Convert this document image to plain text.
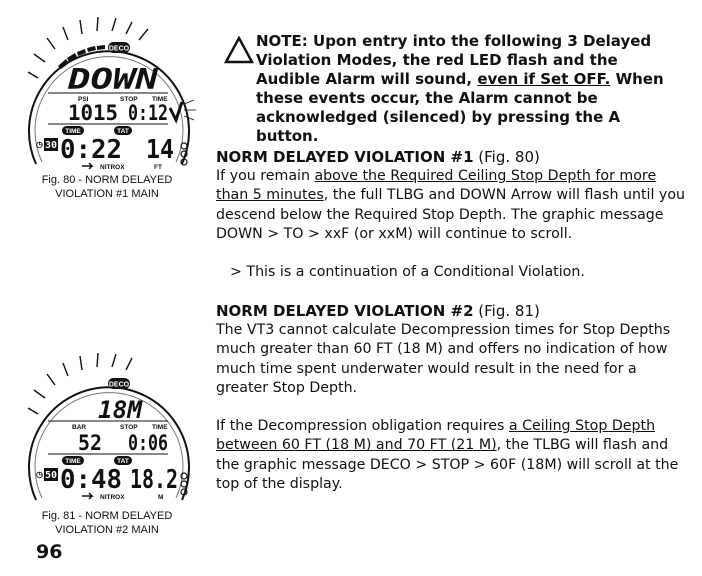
DECO
DOWN
PSI	STOP TIME
1015 0:12
TIME	TAT
◷ 30 0:22 14
NITROX	FT
Fig. 80 - NORM DELAYED
VIOLATION #1 MAIN
DECO
18M
BAR	STOP TIME
52 0:06
TIME	TAT
◷ 50 0:48 18.2
NITROX	M
Fig. 81 - NORM DELAYED
VIOLATION #2 MAIN
96
NOTE: Upon entry into the following 3 Delayed Violation Modes, the red LED flash and the Audible Alarm will sound, even if Set OFF. When these events occur, the Alarm cannot be acknowledged (silenced) by pressing the A button.

NORM DELAYED VIOLATION #1 (Fig. 80)

If you remain above the Required Ceiling Stop Depth for more than 5 minutes, the full TLBG and DOWN Arrow will flash until you descend below the Required Stop Depth. The graphic message DOWN > TO > xxF (or xxM) will continue to scroll.

> This is a continuation of a Conditional Violation.

NORM DELAYED VIOLATION #2 (Fig. 81)

The VT3 cannot calculate Decompression times for Stop Depths much greater than 60 FT (18 M) and offers no indication of how much time spent underwater would result in the need for a greater Stop Depth.

If the Decompression obligation requires a Ceiling Stop Depth between 60 FT (18 M) and 70 FT (21 M), the TLBG will flash and the graphic message DECO > STOP > 60F (18M) will scroll at the top of the display.
